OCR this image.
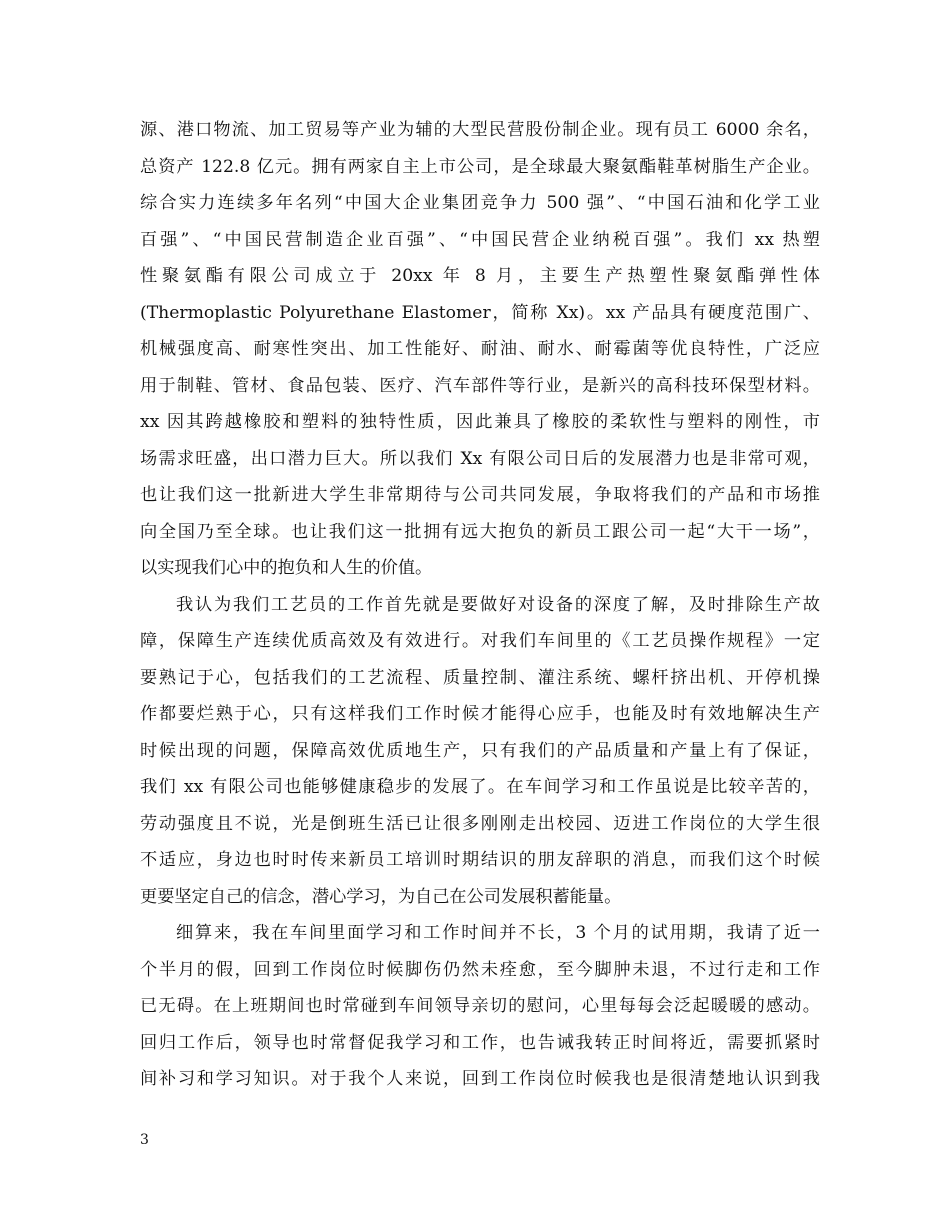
源、港口物流、加工贸易等产业为辅的大型民营股份制企业。现有员工 6000 余名，
总资产 122.8 亿元。拥有两家自主上市公司，是全球最大聚氨酯鞋革树脂生产企业。
综合实力连续多年名列“中国大企业集团竞争力 500 强”、“中国石油和化学工业
百强”、“中国民营制造企业百强”、“中国民营企业纳税百强”。我们 xx 热塑
性聚氨酯有限公司成立于 20xx 年 8 月，主要生产热塑性聚氨酯弹性体
(Thermoplastic Polyurethane Elastomer，简称 Xx)。xx 产品具有硬度范围广、
机械强度高、耐寒性突出、加工性能好、耐油、耐水、耐霉菌等优良特性，广泛应
用于制鞋、管材、食品包装、医疗、汽车部件等行业，是新兴的高科技环保型材料。
xx 因其跨越橡胶和塑料的独特性质，因此兼具了橡胶的柔软性与塑料的刚性，市
场需求旺盛，出口潜力巨大。所以我们 Xx 有限公司日后的发展潜力也是非常可观，
也让我们这一批新进大学生非常期待与公司共同发展，争取将我们的产品和市场推
向全国乃至全球。也让我们这一批拥有远大抱负的新员工跟公司一起“大干一场”，
以实现我们心中的抱负和人生的价值。
我认为我们工艺员的工作首先就是要做好对设备的深度了解，及时排除生产故
障，保障生产连续优质高效及有效进行。对我们车间里的《工艺员操作规程》一定
要熟记于心，包括我们的工艺流程、质量控制、灌注系统、螺杆挤出机、开停机操
作都要烂熟于心，只有这样我们工作时候才能得心应手，也能及时有效地解决生产
时候出现的问题，保障高效优质地生产，只有我们的产品质量和产量上有了保证，
我们 xx 有限公司也能够健康稳步的发展了。在车间学习和工作虽说是比较辛苦的，
劳动强度且不说，光是倒班生活已让很多刚刚走出校园、迈进工作岗位的大学生很
不适应，身边也时时传来新员工培训时期结识的朋友辞职的消息，而我们这个时候
更要坚定自己的信念，潜心学习，为自己在公司发展积蓄能量。
细算来，我在车间里面学习和工作时间并不长，3 个月的试用期，我请了近一
个半月的假，回到工作岗位时候脚伤仍然未痊愈，至今脚肿未退，不过行走和工作
已无碍。在上班期间也时常碰到车间领导亲切的慰问，心里每每会泛起暖暖的感动。
回归工作后，领导也时常督促我学习和工作，也告诫我转正时间将近，需要抓紧时
间补习和学习知识。对于我个人来说，回到工作岗位时候我也是很清楚地认识到我
3
